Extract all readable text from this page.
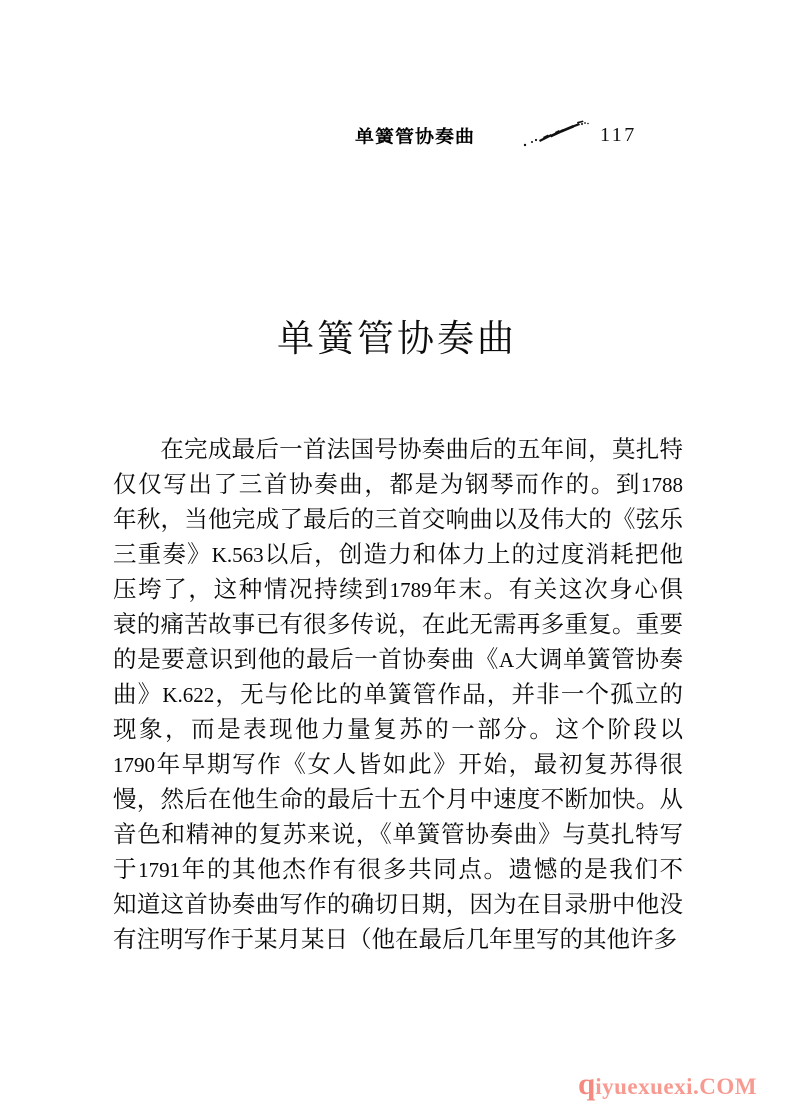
单簧管协奏曲	117
单簧管协奏曲
在完成最后一首法国号协奏曲后的五年间，莫扎特
仅仅写出了三首协奏曲，都是为钢琴而作的。到1788
年秋，当他完成了最后的三首交响曲以及伟大的《弦乐
三重奏》K.563以后，创造力和体力上的过度消耗把他
压垮了，这种情况持续到1789年末。有关这次身心俱
衰的痛苦故事已有很多传说，在此无需再多重复。重要
的是要意识到他的最后一首协奏曲《A大调单簧管协奏
曲》K.622，无与伦比的单簧管作品，并非一个孤立的
现象，而是表现他力量复苏的一部分。这个阶段以
1790年早期写作《女人皆如此》开始，最初复苏得很
慢，然后在他生命的最后十五个月中速度不断加快。从
音色和精神的复苏来说，《单簧管协奏曲》与莫扎特写
于1791年的其他杰作有很多共同点。遗憾的是我们不
知道这首协奏曲写作的确切日期，因为在目录册中他没
有注明写作于某月某日（他在最后几年里写的其他许多
q iyuexuexi.COM
